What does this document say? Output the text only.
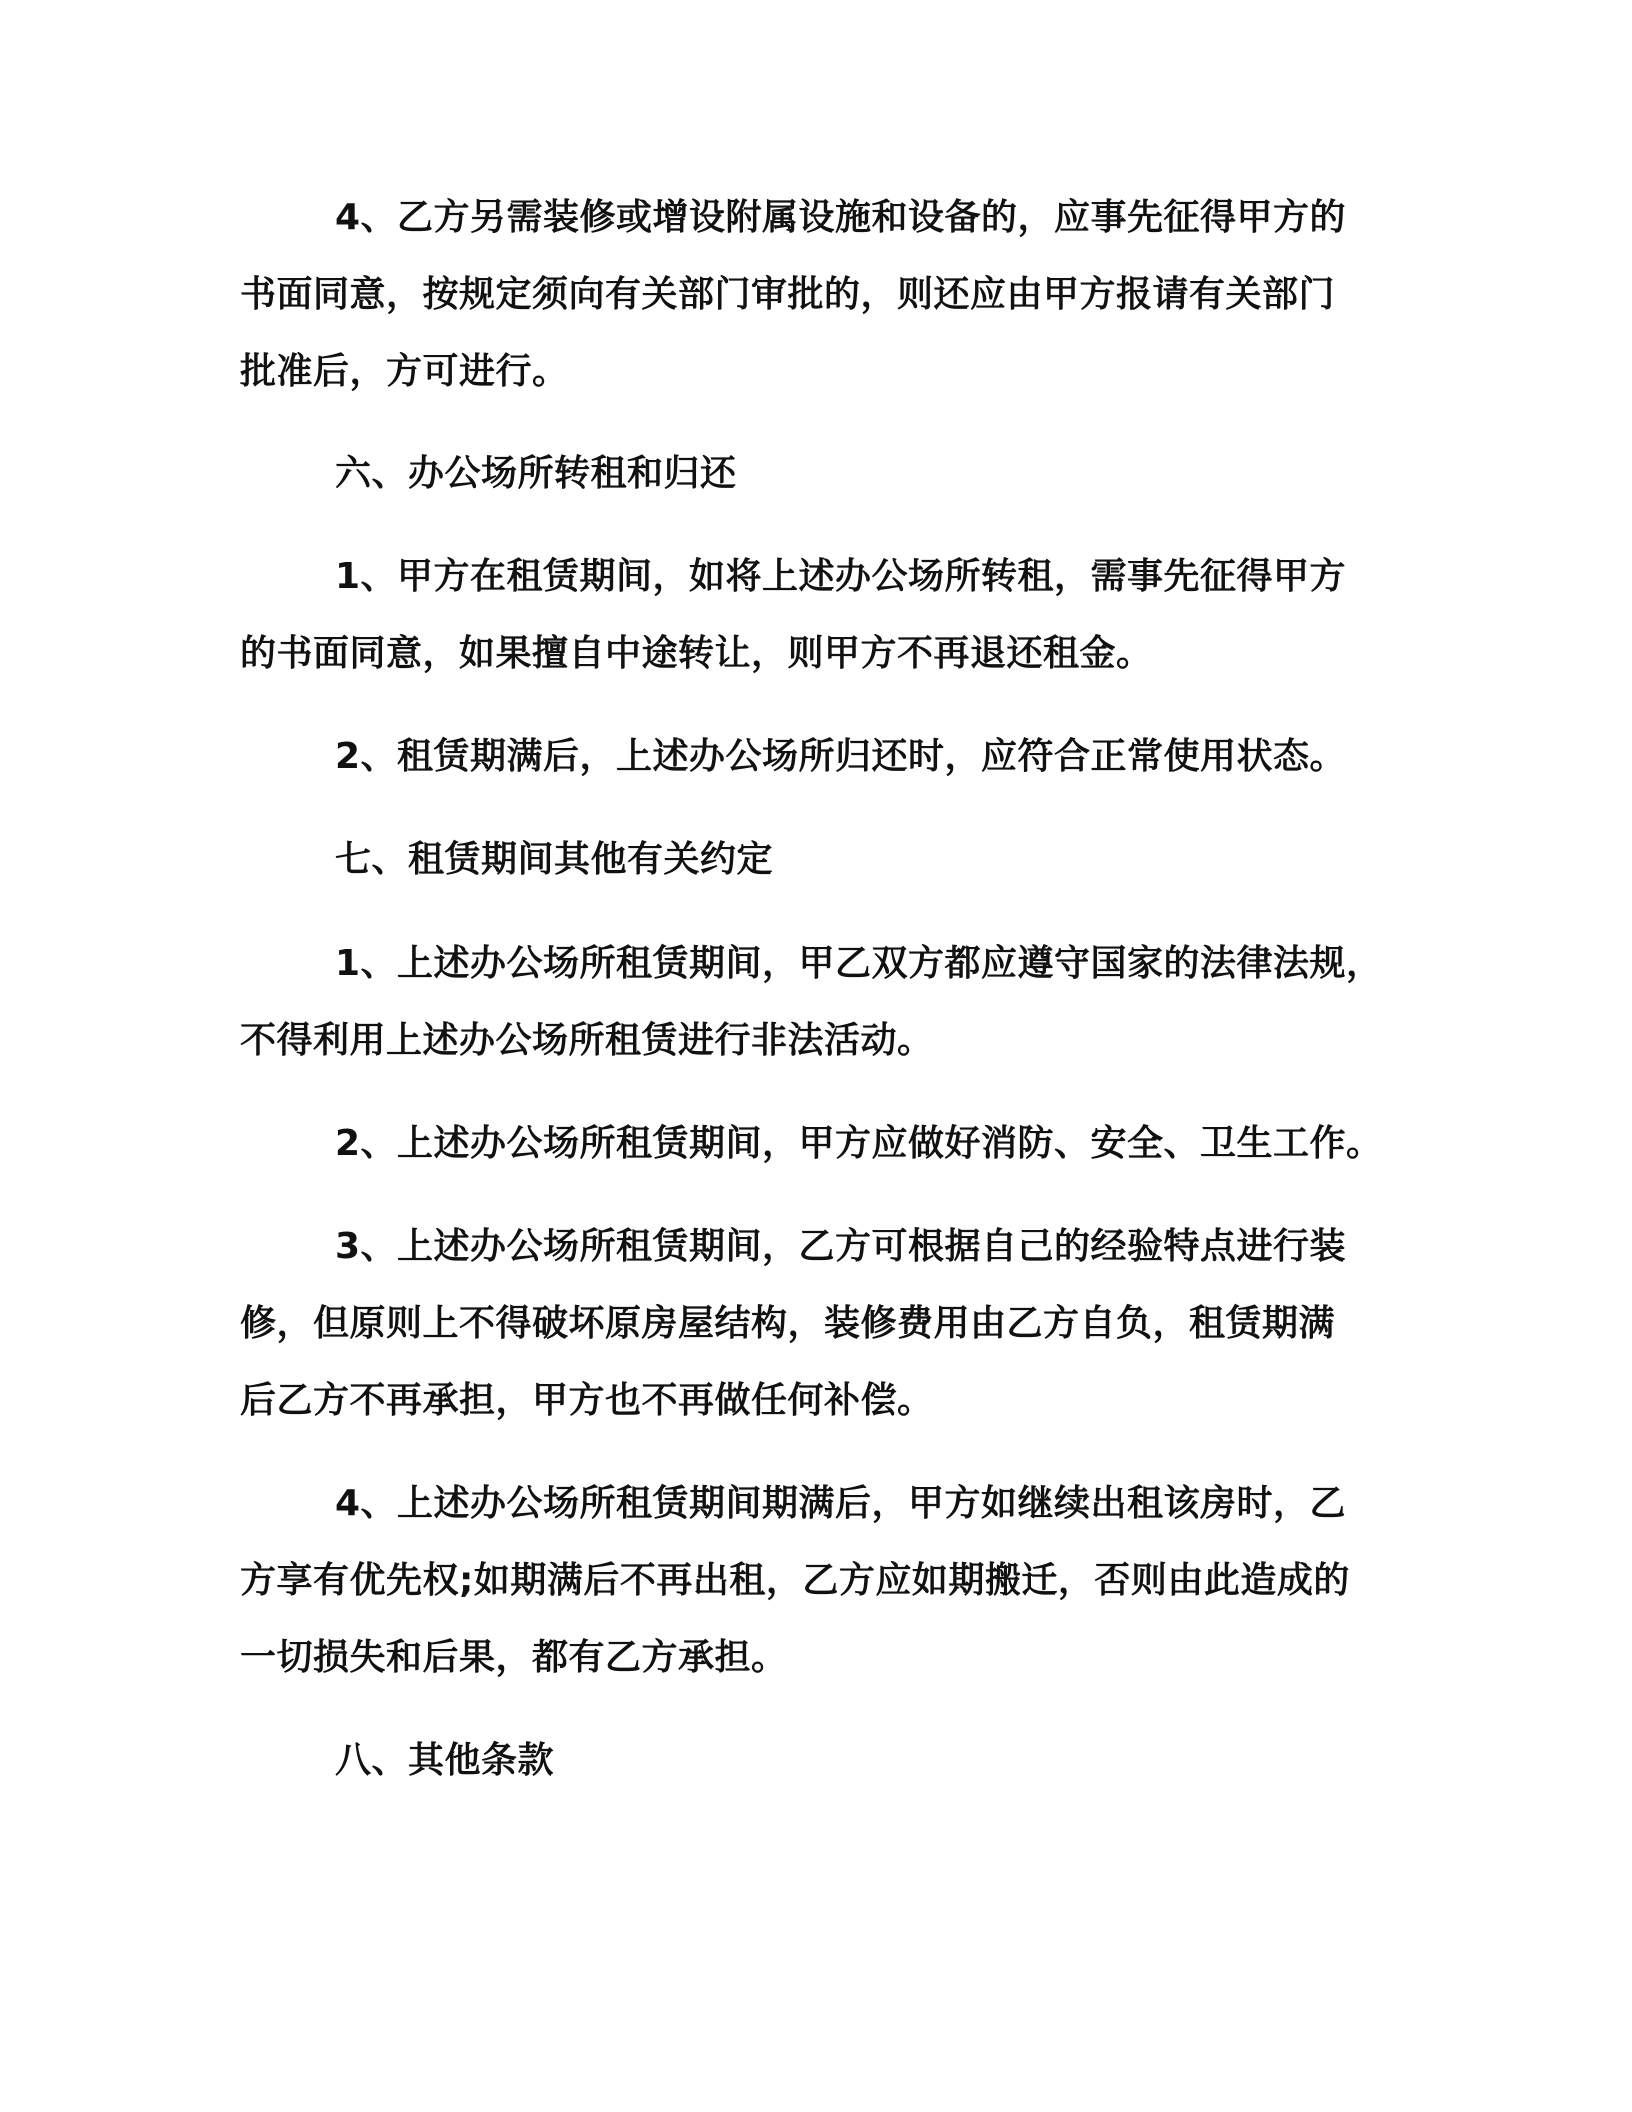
4、乙方另需装修或增设附属设施和设备的，应事先征得甲方的

书面同意，按规定须向有关部门审批的，则还应由甲方报请有关部门

批准后，方可进行。

六、办公场所转租和归还

1、甲方在租赁期间，如将上述办公场所转租，需事先征得甲方

的书面同意，如果擅自中途转让，则甲方不再退还租金。

2、租赁期满后，上述办公场所归还时，应符合正常使用状态。

七、租赁期间其他有关约定

1、上述办公场所租赁期间，甲乙双方都应遵守国家的法律法规，

不得利用上述办公场所租赁进行非法活动。

2、上述办公场所租赁期间，甲方应做好消防、安全、卫生工作。

3、上述办公场所租赁期间，乙方可根据自己的经验特点进行装

修，但原则上不得破坏原房屋结构，装修费用由乙方自负，租赁期满

后乙方不再承担，甲方也不再做任何补偿。

4、上述办公场所租赁期间期满后，甲方如继续出租该房时，乙

方享有优先权;如期满后不再出租，乙方应如期搬迁，否则由此造成的

一切损失和后果，都有乙方承担。

八、其他条款
